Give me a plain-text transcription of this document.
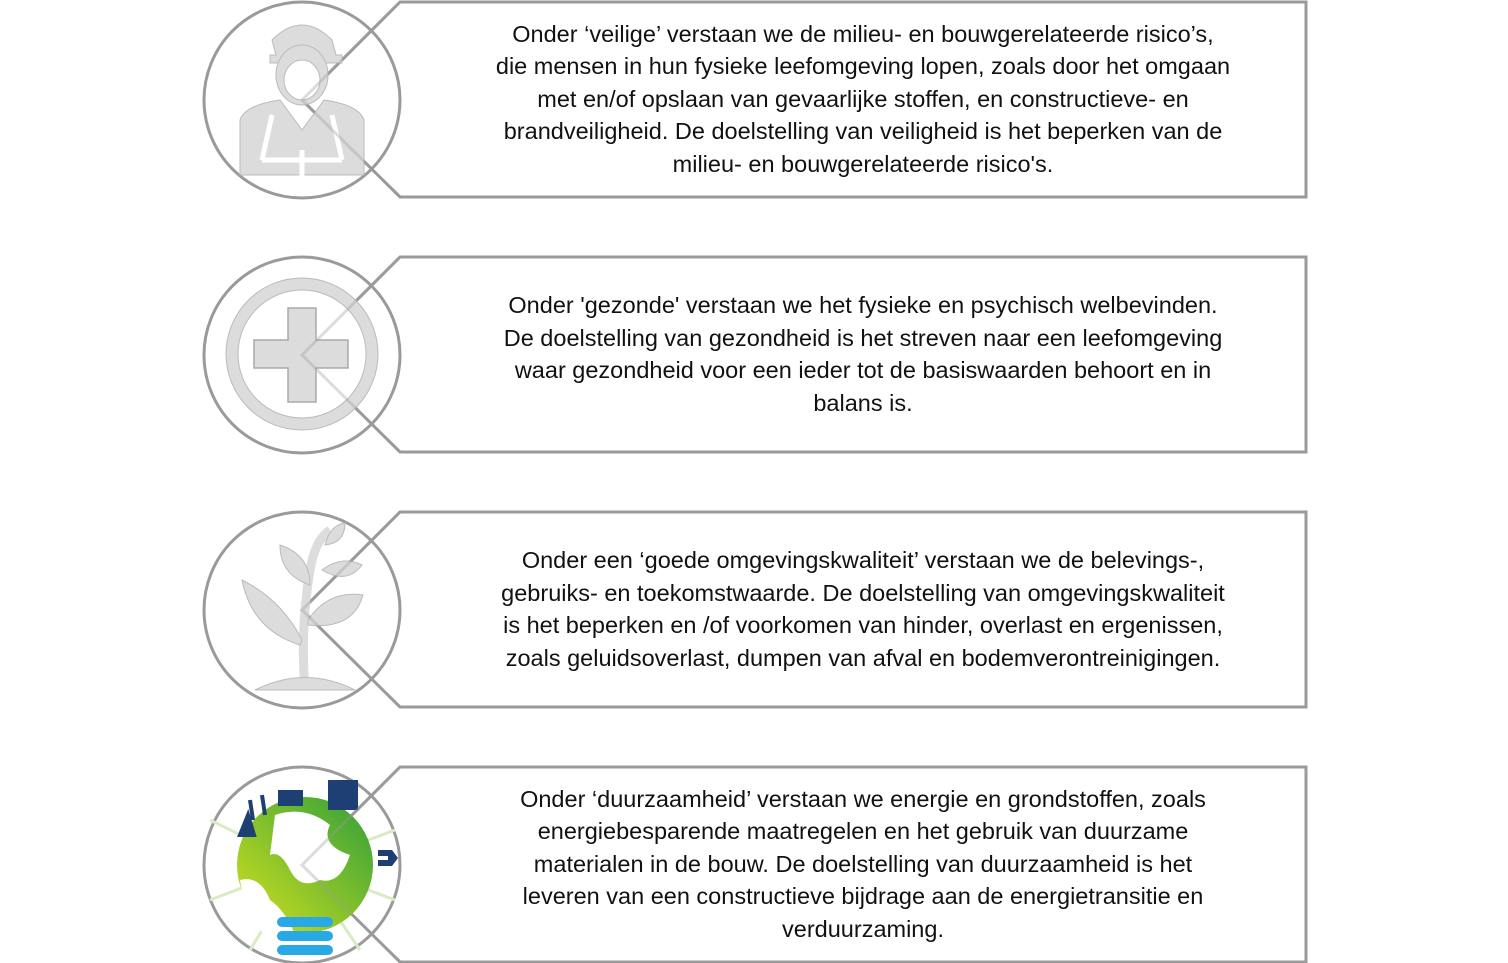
Onder ‘veilige’ verstaan we de milieu- en bouwgerelateerde risico’s,
die mensen in hun fysieke leefomgeving lopen, zoals door het omgaan
met en/of opslaan van gevaarlijke stoffen, en constructieve- en
brandveiligheid. De doelstelling van veiligheid is het beperken van de
milieu- en bouwgerelateerde risico's.
Onder 'gezonde' verstaan we het fysieke en psychisch welbevinden.
De doelstelling van gezondheid is het streven naar een leefomgeving
waar gezondheid voor een ieder tot de basiswaarden behoort en in
balans is.
Onder een ‘goede omgevingskwaliteit’ verstaan we de belevings-,
gebruiks- en toekomstwaarde. De doelstelling van omgevingskwaliteit
is het beperken en /of voorkomen van hinder, overlast en ergenissen,
zoals geluidsoverlast, dumpen van afval en bodemverontreinigingen.
Onder ‘duurzaamheid’ verstaan we energie en grondstoffen, zoals
energiebesparende maatregelen en het gebruik van duurzame
materialen in de bouw. De doelstelling van duurzaamheid is het
leveren van een constructieve bijdrage aan de energietransitie en
verduurzaming.
